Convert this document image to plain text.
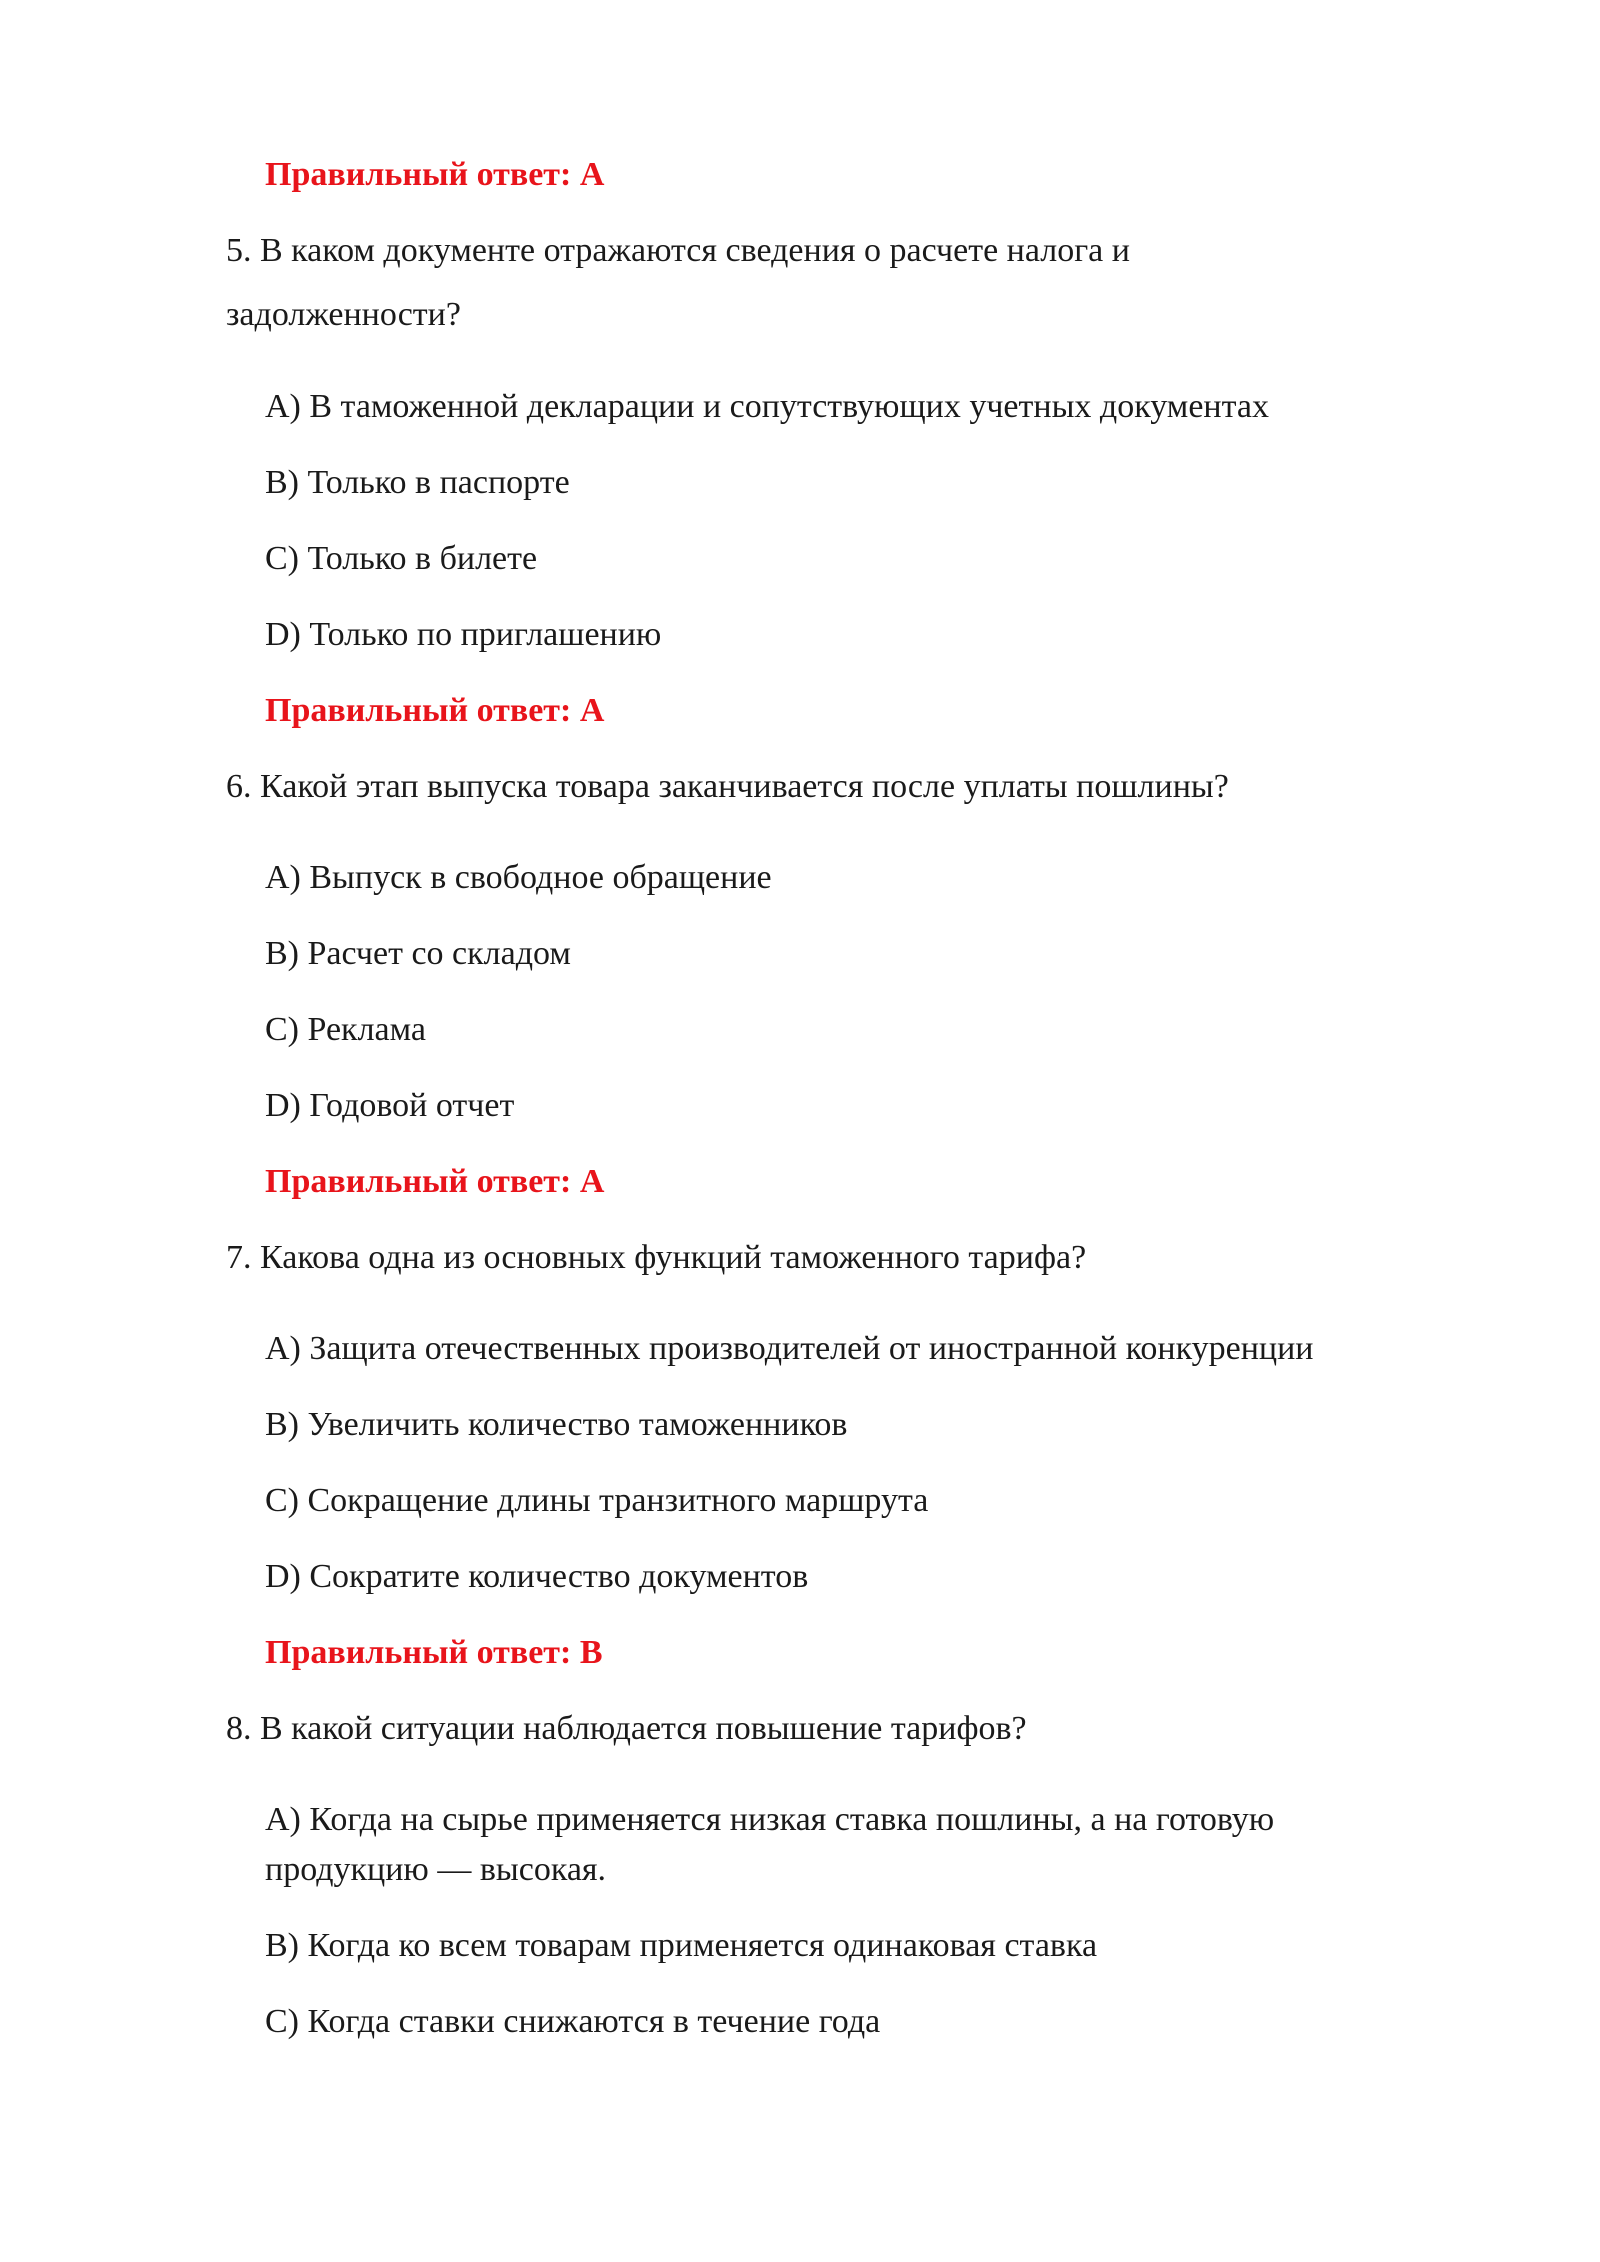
Правильный ответ: A
5. В каком документе отражаются сведения о расчете налога и
задолженности?
A) В таможенной декларации и сопутствующих учетных документах
B) Только в паспорте
C) Только в билете
D) Только по приглашению
Правильный ответ: A
6. Какой этап выпуска товара заканчивается после уплаты пошлины?
A) Выпуск в свободное обращение
B) Расчет со складом
C) Реклама
D) Годовой отчет
Правильный ответ: A
7. Какова одна из основных функций таможенного тарифа?
A) Защита отечественных производителей от иностранной конкуренции
B) Увеличить количество таможенников
C) Сокращение длины транзитного маршрута
D) Сократите количество документов
Правильный ответ: B
8. В какой ситуации наблюдается повышение тарифов?
A) Когда на сырье применяется низкая ставка пошлины, а на готовую
продукцию — высокая.
B) Когда ко всем товарам применяется одинаковая ставка
C) Когда ставки снижаются в течение года
